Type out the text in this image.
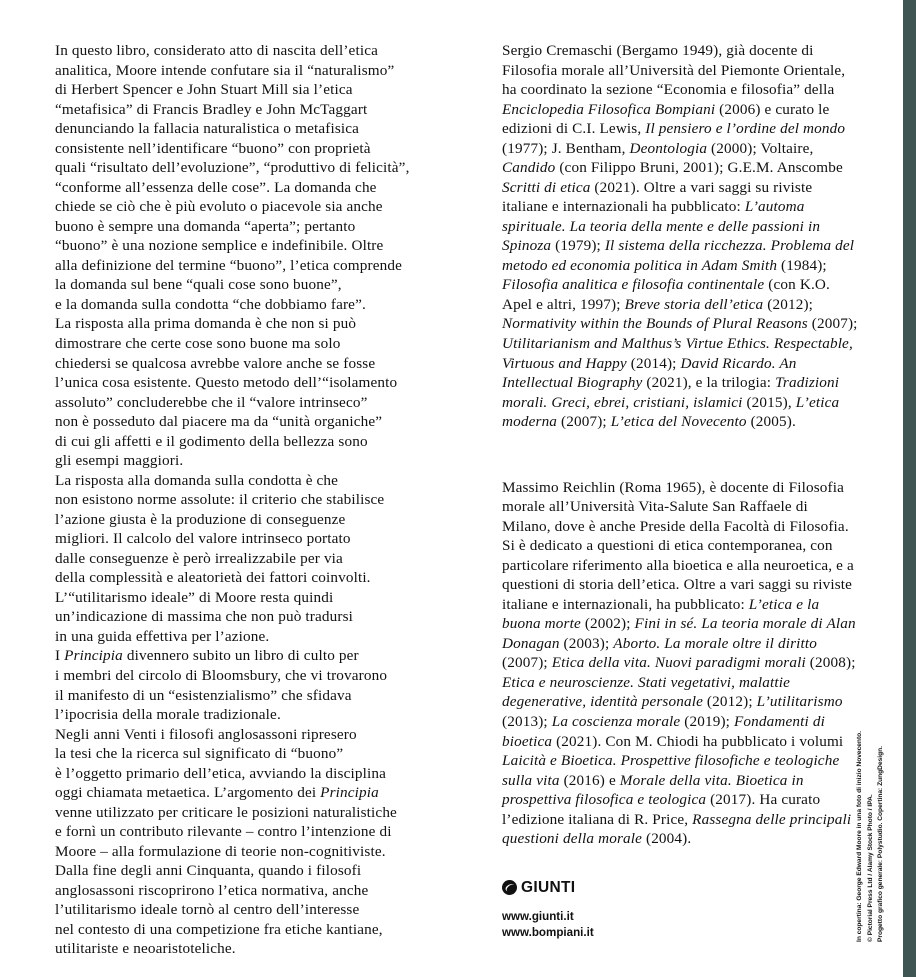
In questo libro, considerato atto di nascita dell’etica

analitica, Moore intende confutare sia il “naturalismo”

di Herbert Spencer e John Stuart Mill sia l’etica

“metafisica” di Francis Bradley e John McTaggart

denunciando la fallacia naturalistica o metafisica

consistente nell’identificare “buono” con proprietà

quali “risultato dell’evoluzione”, “produttivo di felicità”,

“conforme all’essenza delle cose”. La domanda che

chiede se ciò che è più evoluto o piacevole sia anche

buono è sempre una domanda “aperta”; pertanto

“buono” è una nozione semplice e indefinibile. Oltre

alla definizione del termine “buono”, l’etica comprende

la domanda sul bene “quali cose sono buone”,

e la domanda sulla condotta “che dobbiamo fare”.

La risposta alla prima domanda è che non si può

dimostrare che certe cose sono buone ma solo

chiedersi se qualcosa avrebbe valore anche se fosse

l’unica cosa esistente. Questo metodo dell’“isolamento

assoluto” concluderebbe che il “valore intrinseco”

non è posseduto dal piacere ma da “unità organiche”

di cui gli affetti e il godimento della bellezza sono

gli esempi maggiori.

La risposta alla domanda sulla condotta è che

non esistono norme assolute: il criterio che stabilisce

l’azione giusta è la produzione di conseguenze

migliori. Il calcolo del valore intrinseco portato

dalle conseguenze è però irrealizzabile per via

della complessità e aleatorietà dei fattori coinvolti.

L’“utilitarismo ideale” di Moore resta quindi

un’indicazione di massima che non può tradursi

in una guida effettiva per l’azione.

I Principia divennero subito un libro di culto per

i membri del circolo di Bloomsbury, che vi trovarono

il manifesto di un “esistenzialismo” che sfidava

l’ipocrisia della morale tradizionale.

Negli anni Venti i filosofi anglosassoni ripresero

la tesi che la ricerca sul significato di “buono”

è l’oggetto primario dell’etica, avviando la disciplina

oggi chiamata metaetica. L’argomento dei Principia

venne utilizzato per criticare le posizioni naturalistiche

e fornì un contributo rilevante – contro l’intenzione di

Moore – alla formulazione di teorie non-cognitiviste.

Dalla fine degli anni Cinquanta, quando i filosofi

anglosassoni riscoprirono l’etica normativa, anche

l’utilitarismo ideale tornò al centro dell’interesse

nel contesto di una competizione fra etiche kantiane,

utilitariste e neoaristoteliche.

Sergio Cremaschi (Bergamo 1949), già docente di Filosofia morale all’Università del Piemonte Orientale, ha coordinato la sezione “Economia e filosofia” della Enciclopedia Filosofica Bompiani (2006) e curato le edizioni di C.I. Lewis, Il pensiero e l’ordine del mondo (1977); J. Bentham, Deontologia (2000); Voltaire, Candido (con Filippo Bruni, 2001); G.E.M. Anscombe Scritti di etica (2021). Oltre a vari saggi su riviste italiane e internazionali ha pubblicato: L’automa spirituale. La teoria della mente e delle passioni in Spinoza (1979); Il sistema della ricchezza. Problema del metodo ed economia politica in Adam Smith (1984); Filosofia analitica e filosofia continentale (con K.O. Apel e altri, 1997); Breve storia dell’etica (2012); Normativity within the Bounds of Plural Reasons (2007); Utilitarianism and Malthus’s Virtue Ethics. Respectable, Virtuous and Happy (2014); David Ricardo. An Intellectual Biography (2021), e la trilogia: Tradizioni morali. Greci, ebrei, cristiani, islamici (2015), L’etica moderna (2007); L’etica del Novecento (2005).

Massimo Reichlin (Roma 1965), è docente di Filosofia morale all’Università Vita-Salute San Raffaele di Milano, dove è anche Preside della Facoltà di Filosofia. Si è dedicato a questioni di etica contemporanea, con particolare riferimento alla bioetica e alla neuroetica, e a questioni di storia dell’etica. Oltre a vari saggi su riviste italiane e internazionali, ha pubblicato: L’etica e la buona morte (2002); Fini in sé. La teoria morale di Alan Donagan (2003); Aborto. La morale oltre il diritto (2007); Etica della vita. Nuovi paradigmi morali (2008); Etica e neuroscienze. Stati vegetativi, malattie degenerative, identità personale (2012); L’utilitarismo (2013); La coscienza morale (2019); Fondamenti di bioetica (2021). Con M. Chiodi ha pubblicato i volumi Laicità e Bioetica. Prospettive filosofiche e teologiche sulla vita (2016) e Morale della vita. Bioetica in prospettiva filosofica e teologica (2017). Ha curato l’edizione italiana di R. Price, Rassegna delle principali questioni della morale (2004).

GIUNTI
www.giunti.it
www.bompiani.it	In copertina: George Edward Moore in una foto di inizio Novecento. © Pictorial Press Ltd / Alamy Stock Photo / IPA. Progetto grafico generale: Polystudio. Copertina: ZungDesign.
